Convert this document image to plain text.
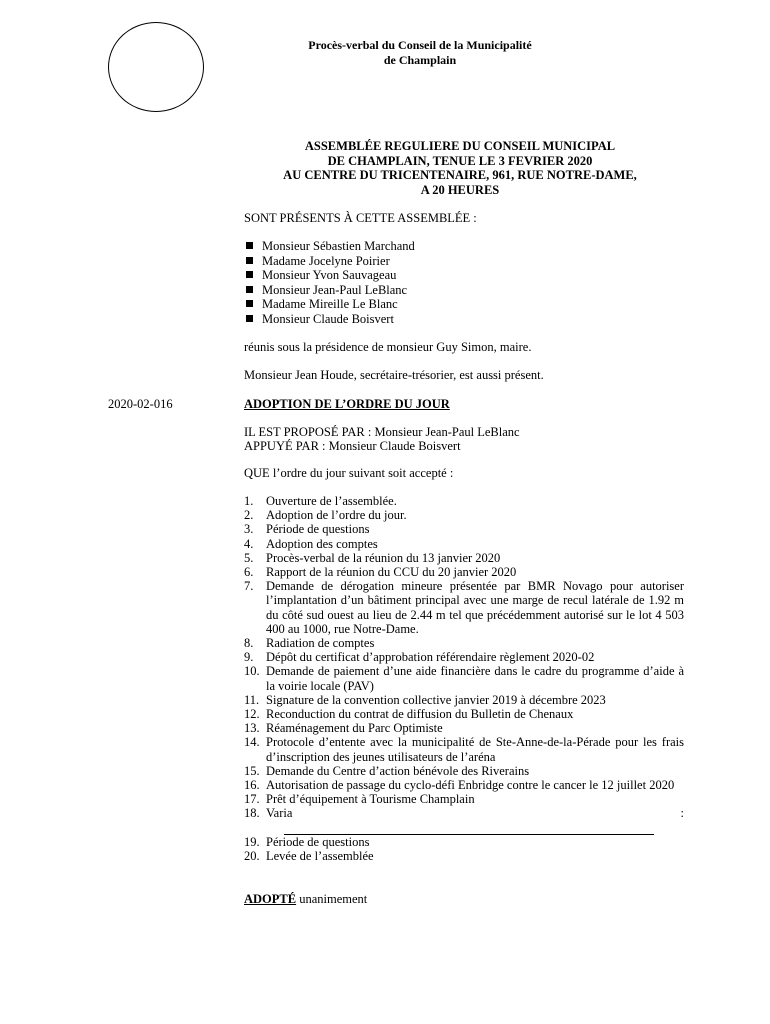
Procès-verbal du Conseil de la Municipalité
de Champlain
ASSEMBLÉE REGULIERE DU CONSEIL MUNICIPAL
DE CHAMPLAIN, TENUE LE 3 FEVRIER 2020
AU CENTRE DU TRICENTENAIRE, 961, RUE NOTRE-DAME,
A 20 HEURES
SONT PRÉSENTS À CETTE ASSEMBLÉE :
Monsieur Sébastien Marchand
Madame Jocelyne Poirier
Monsieur Yvon Sauvageau
Monsieur Jean-Paul LeBlanc
Madame Mireille Le Blanc
Monsieur Claude Boisvert
réunis sous la présidence de monsieur Guy Simon, maire.
Monsieur Jean Houde, secrétaire-trésorier, est aussi présent.
2020-02-016	ADOPTION DE L’ORDRE DU JOUR
IL EST PROPOSÉ PAR : Monsieur Jean-Paul LeBlanc
APPUYÉ PAR : Monsieur Claude Boisvert
QUE l’ordre du jour suivant soit accepté :
1.	Ouverture de l’assemblée.
2.	Adoption de l’ordre du jour.
3.	Période de questions
4.	Adoption des comptes
5.	Procès-verbal de la réunion du 13 janvier 2020
6.	Rapport de la réunion du CCU du 20 janvier 2020
7.	Demande de dérogation mineure présentée par BMR Novago pour autoriser l’implantation d’un bâtiment principal avec une marge de recul latérale de 1.92 m du côté sud ouest au lieu de 2.44 m tel que précédemment autorisé sur le lot 4 503 400 au 1000, rue Notre-Dame.
8.	Radiation de comptes
9.	Dépôt du certificat d’approbation référendaire règlement 2020-02
10. Demande de paiement d’une aide financière dans le cadre du programme d’aide à la voirie locale (PAV)
11. Signature de la convention collective janvier 2019 à décembre 2023
12. Reconduction du contrat de diffusion du Bulletin de Chenaux
13. Réaménagement du Parc Optimiste
14. Protocole d’entente avec la municipalité de Ste-Anne-de-la-Pérade pour les frais d’inscription des jeunes utilisateurs de l’aréna
15. Demande du Centre d’action bénévole des Riverains
16. Autorisation de passage du cyclo-défi Enbridge contre le cancer le 12 juillet 2020
17. Prêt d’équipement à Tourisme Champlain
18. Varia :
19. Période de questions
20. Levée de l’assemblée
ADOPTÉ unanimement
